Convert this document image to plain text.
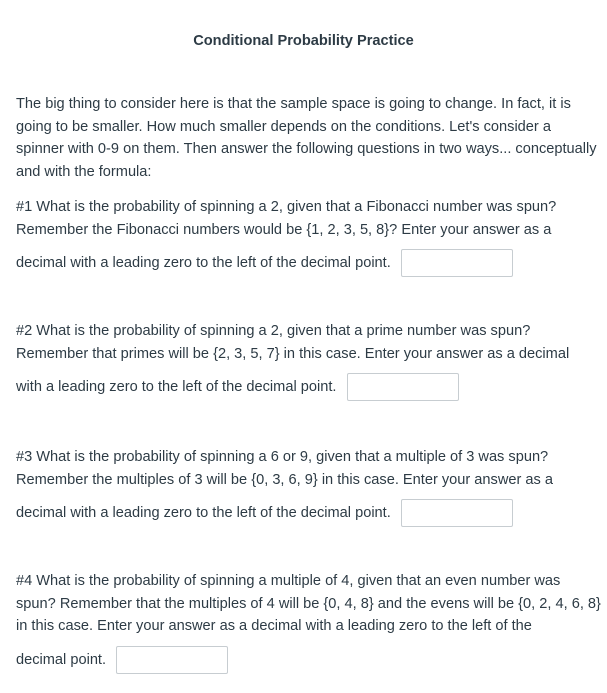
Conditional Probability Practice

The big thing to consider here is that the sample space is going to change. In fact, it is going to be smaller. How much smaller depends on the conditions. Let's consider a spinner with 0-9 on them. Then answer the following questions in two ways... conceptually and with the formula:

#1 What is the probability of spinning a 2, given that a Fibonacci number was spun? Remember the Fibonacci numbers would be {1, 2, 3, 5, 8}? Enter your answer as a
decimal with a leading zero to the left of the decimal point.
#2 What is the probability of spinning a 2, given that a prime number was spun? Remember that primes will be {2, 3, 5, 7} in this case. Enter your answer as a decimal
with a leading zero to the left of the decimal point.
#3 What is the probability of spinning a 6 or 9, given that a multiple of 3 was spun? Remember the multiples of 3 will be {0, 3, 6, 9} in this case. Enter your answer as a
decimal with a leading zero to the left of the decimal point.
#4 What is the probability of spinning a multiple of 4, given that an even number was spun? Remember that the multiples of 4 will be {0, 4, 8} and the evens will be {0, 2, 4, 6, 8} in this case. Enter your answer as a decimal with a leading zero to the left of the
decimal point.
